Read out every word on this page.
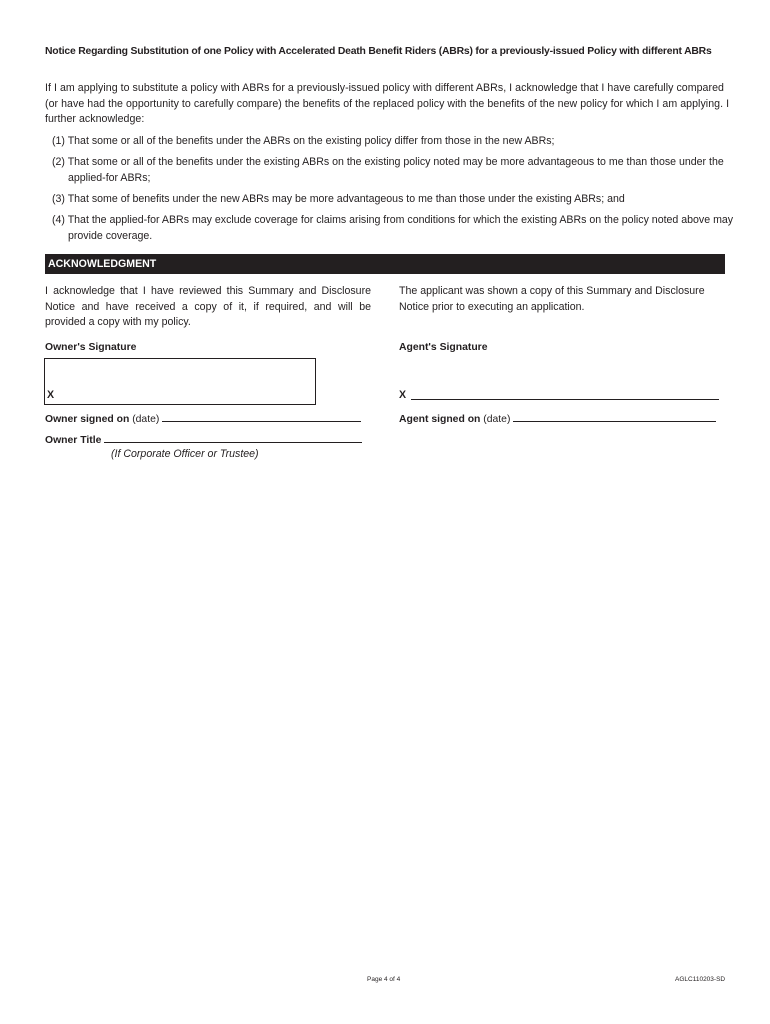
Notice Regarding Substitution of one Policy with Accelerated Death Benefit Riders (ABRs) for a previously-issued Policy with different ABRs
If I am applying to substitute a policy with ABRs for a previously-issued policy with different ABRs, I acknowledge that I have carefully compared (or have had the opportunity to carefully compare) the benefits of the replaced policy with the benefits of the new policy for which I am applying. I further acknowledge:
(1) That some or all of the benefits under the ABRs on the existing policy differ from those in the new ABRs;
(2) That some or all of the benefits under the existing ABRs on the existing policy noted may be more advantageous to me than those under the applied-for ABRs;
(3) That some of benefits under the new ABRs may be more advantageous to me than those under the existing ABRs; and
(4) That the applied-for ABRs may exclude coverage for claims arising from conditions for which the existing ABRs on the policy noted above may provide coverage.
ACKNOWLEDGMENT
I acknowledge that I have reviewed this Summary and Disclosure Notice and have received a copy of it, if required, and will be provided a copy with my policy.
The applicant was shown a copy of this Summary and Disclosure Notice prior to executing an application.
Owner's Signature	Agent's Signature
X	X
Owner signed on (date)	Agent signed on (date)
Owner Title
(If Corporate Officer or Trustee)
Page 4 of 4	AGLC110203-SD
